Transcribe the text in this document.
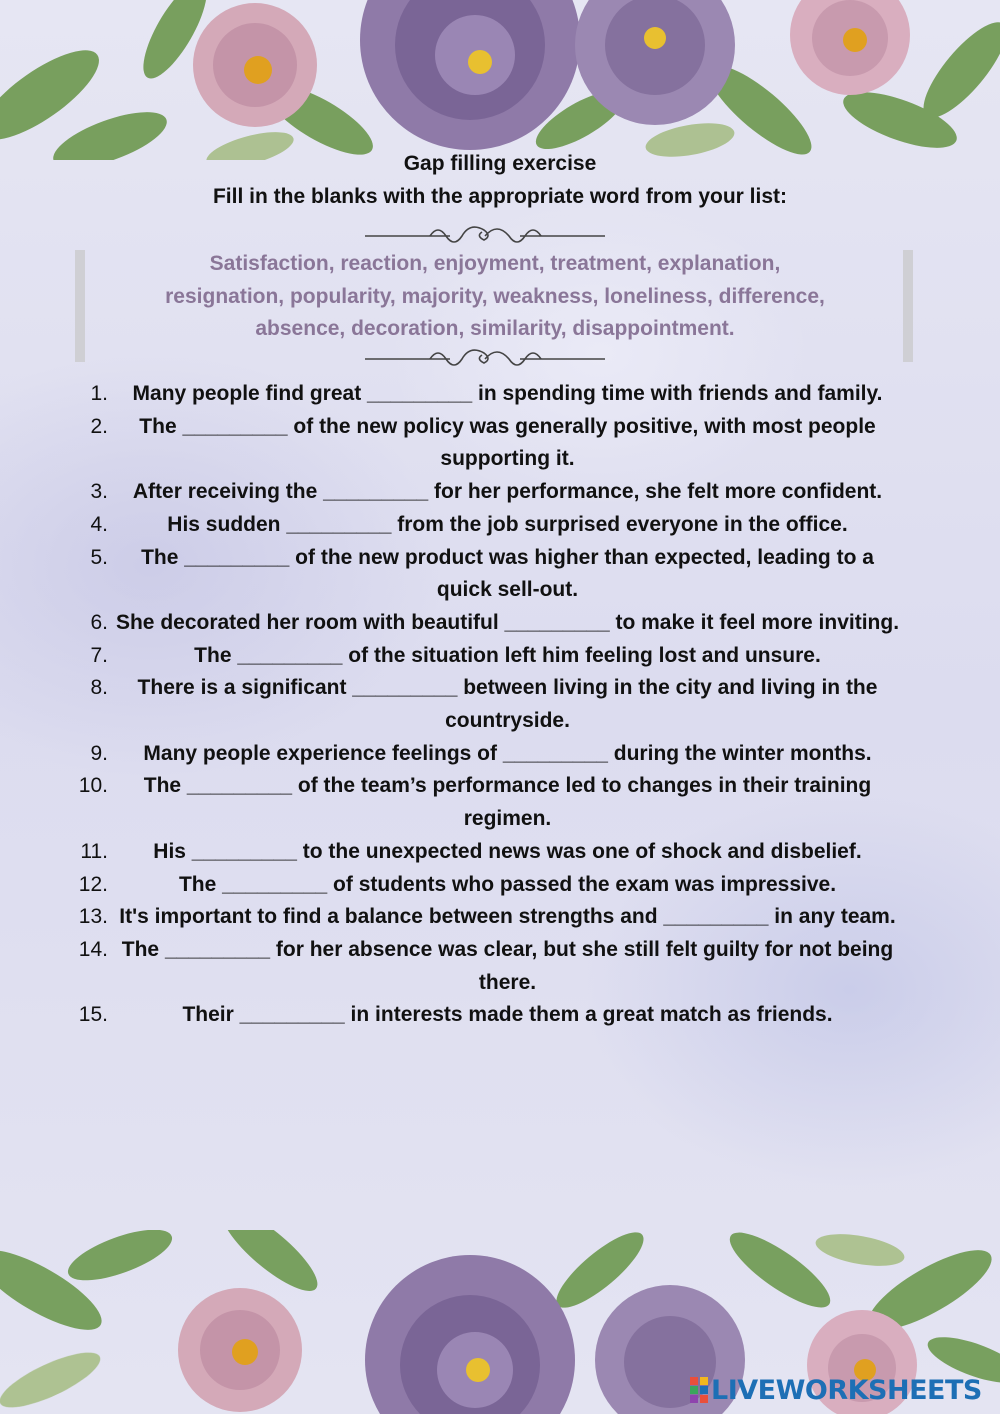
Gap filling exercise
Fill in the blanks with the appropriate word from your list:
Satisfaction, reaction, enjoyment, treatment, explanation,
resignation, popularity, majority, weakness, loneliness, difference,
absence, decoration, similarity, disappointment.
1.	Many people find great _________ in spending time with friends and family.
2.	The _________ of the new policy was generally positive, with most people supporting it.
3.	After receiving the _________ for her performance, she felt more confident.
4.	His sudden _________ from the job surprised everyone in the office.
5.	The _________ of the new product was higher than expected, leading to a quick sell-out.
6. She decorated her room with beautiful _________ to make it feel more inviting.
7.	The _________ of the situation left him feeling lost and unsure.
8.	There is a significant _________ between living in the city and living in the countryside.
9.	Many people experience feelings of _________ during the winter months.
10.	The _________ of the team’s performance led to changes in their training regimen.
11.	His _________ to the unexpected news was one of shock and disbelief.
12.	The _________ of students who passed the exam was impressive.
13. It's important to find a balance between strengths and _________ in any team.
14. The _________ for her absence was clear, but she still felt guilty for not being there.
15.	Their _________ in interests made them a great match as friends.
LIVEWORKSHEETS
